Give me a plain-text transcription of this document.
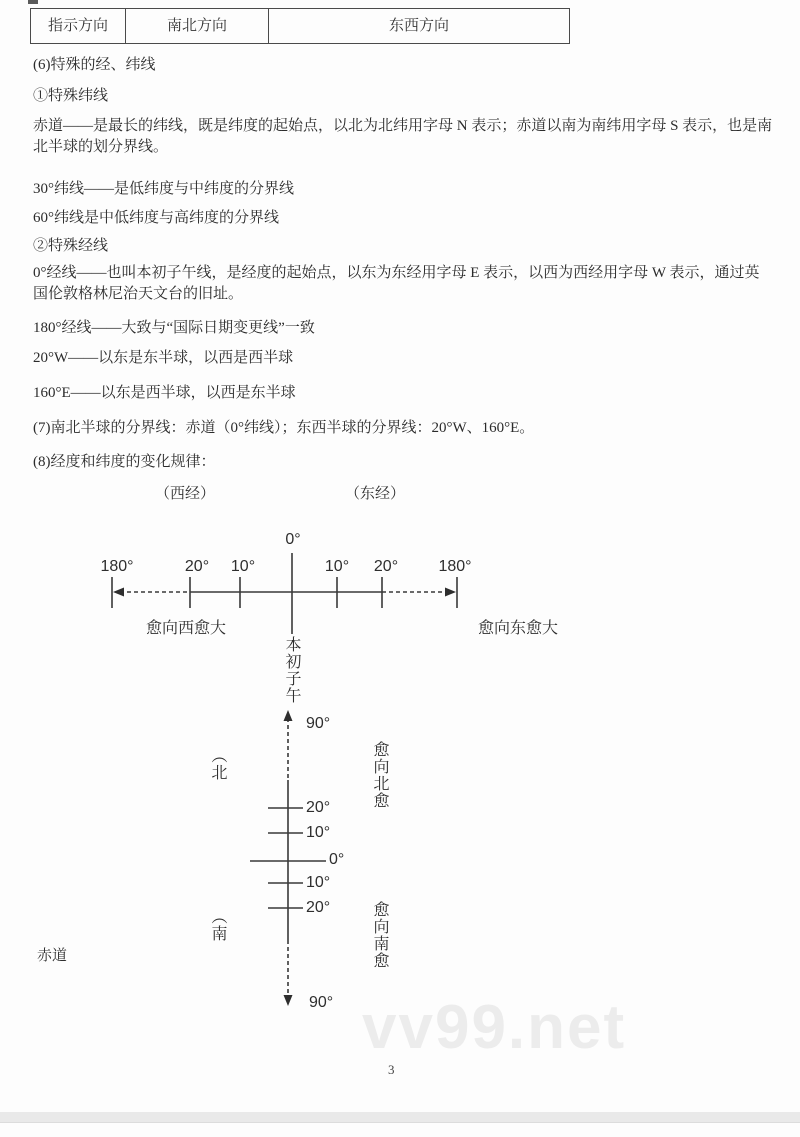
vv99.net
指示方向	南北方向	东西方向
(6)特殊的经、纬线
①特殊纬线
赤道——是最长的纬线，既是纬度的起始点，以北为北纬用字母 N 表示；赤道以南为南纬用字母 S 表示，也是南北半球的划分界线。
30°纬线——是低纬度与中纬度的分界线
60°纬线是中低纬度与高纬度的分界线
②特殊经线
0°经线——也叫本初子午线，是经度的起始点，以东为东经用字母 E 表示，以西为西经用字母 W 表示，通过英国伦敦格林尼治天文台的旧址。
180°经线——大致与“国际日期变更线”一致
20°W——以东是东半球，以西是西半球
160°E——以东是西半球，以西是东半球
(7)南北半球的分界线：赤道（0°纬线）；东西半球的分界线：20°W、160°E。
(8)经度和纬度的变化规律：
（西经）	（东经）
0°
180°	20° 10°	10° 20°	180°
愈向西愈大	愈向东愈大
本初子午
90°
（北	愈向北愈
20°
10°
0°
10°
20°
（南	愈向南愈
90°
赤道
3
